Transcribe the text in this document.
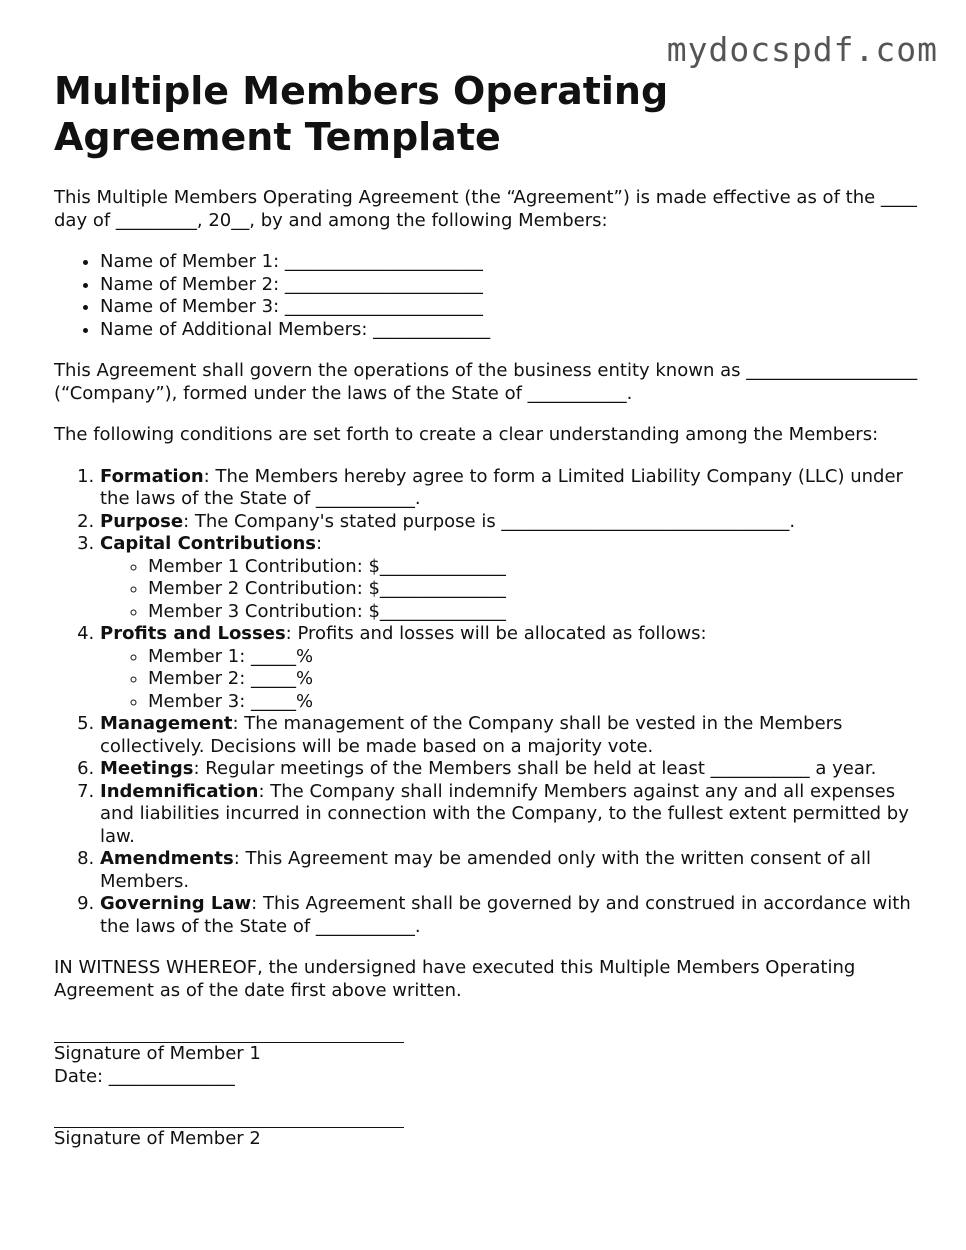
mydocspdf.com
Multiple Members Operating Agreement Template

This Multiple Members Operating Agreement (the “Agreement”) is made effective as of the ____ day of _________, 20__, by and among the following Members:

• Name of Member 1: ______________________
• Name of Member 2: ______________________
• Name of Member 3: ______________________
• Name of Additional Members: _____________

This Agreement shall govern the operations of the business entity known as ___________________ (“Company”), formed under the laws of the State of ___________.

The following conditions are set forth to create a clear understanding among the Members:

1. Formation: The Members hereby agree to form a Limited Liability Company (LLC) under the laws of the State of ___________.
2. Purpose: The Company's stated purpose is ________________________________.
3. Capital Contributions:
◦ Member 1 Contribution: $______________
◦ Member 2 Contribution: $______________
◦ Member 3 Contribution: $______________
4. Profits and Losses: Profits and losses will be allocated as follows:
◦ Member 1: _____%
◦ Member 2: _____%
◦ Member 3: _____%
5. Management: The management of the Company shall be vested in the Members collectively. Decisions will be made based on a majority vote.
6. Meetings: Regular meetings of the Members shall be held at least ___________ a year.
7. Indemnification: The Company shall indemnify Members against any and all expenses and liabilities incurred in connection with the Company, to the fullest extent permitted by law.
8. Amendments: This Agreement may be amended only with the written consent of all Members.
9. Governing Law: This Agreement shall be governed by and construed in accordance with the laws of the State of ___________.

IN WITNESS WHEREOF, the undersigned have executed this Multiple Members Operating Agreement as of the date first above written.

Signature of Member 1
Date: ______________
Signature of Member 2
